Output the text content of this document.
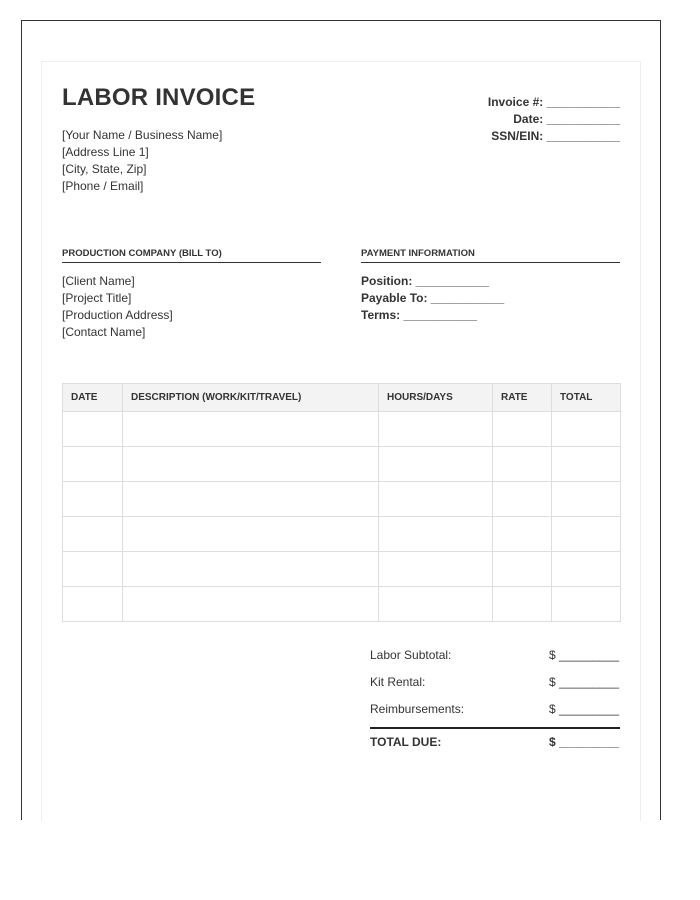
LABOR INVOICE
[Your Name / Business Name]
[Address Line 1]
[City, State, Zip]
[Phone / Email]
Invoice #: ___________
Date: ___________
SSN/EIN: ___________
PRODUCTION COMPANY (BILL TO)	PAYMENT INFORMATION
[Client Name]
[Project Title]
[Production Address]
[Contact Name]
Position: ___________
Payable To: ___________
Terms: ___________
DATE	DESCRIPTION (WORK/KIT/TRAVEL)	HOURS/DAYS	RATE	TOTAL

Labor Subtotal:	$ _________
Kit Rental:	$ _________
Reimbursements:	$ _________
TOTAL DUE:	$ _________
